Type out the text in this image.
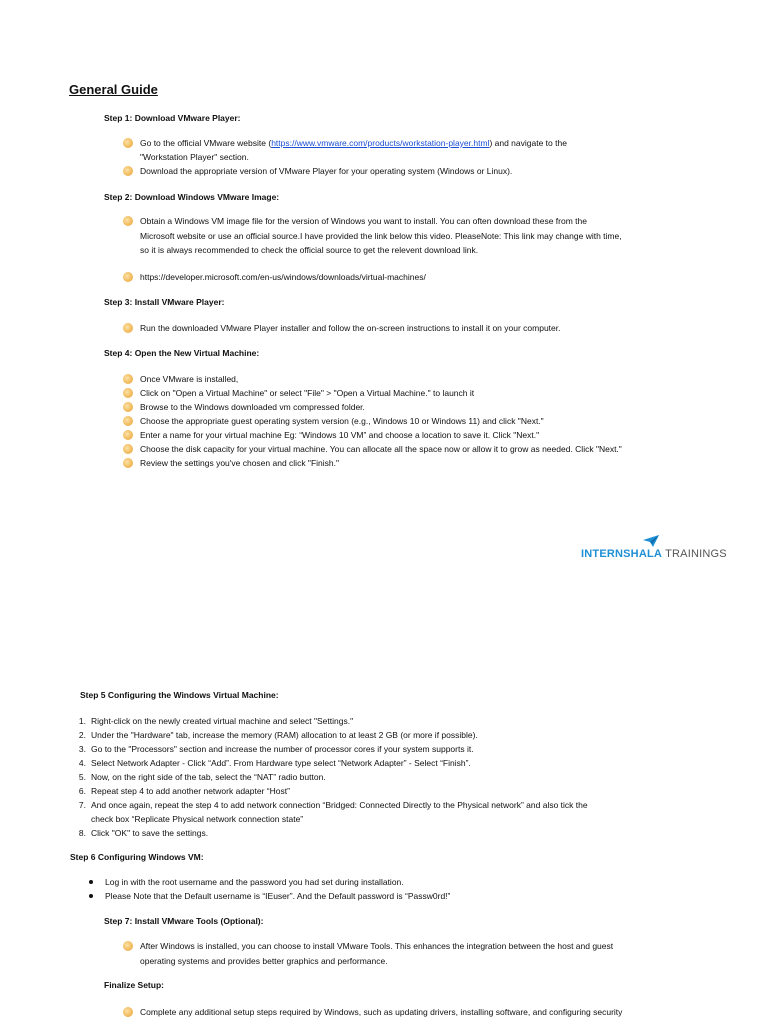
General Guide
Step 1: Download VMware Player:
Go to the official VMware website (https://www.vmware.com/products/workstation-player.html) and navigate to the
"Workstation Player" section.
Download the appropriate version of VMware Player for your operating system (Windows or Linux).
Step 2: Download Windows VMware Image:
Obtain a Windows VM image file for the version of Windows you want to install. You can often download these from the
Microsoft website or use an official source.I have provided the link below this video. PleaseNote: This link may change with time,
so it is always recommended to check the official source to get the relevent download link.
https://developer.microsoft.com/en-us/windows/downloads/virtual-machines/
Step 3: Install VMware Player:
Run the downloaded VMware Player installer and follow the on-screen instructions to install it on your computer.
Step 4: Open the New Virtual Machine:
Once VMware is installed,
Click on "Open a Virtual Machine" or select "File" > "Open a Virtual Machine." to launch it
Browse to the Windows downloaded vm compressed folder.
Choose the appropriate guest operating system version (e.g., Windows 10 or Windows 11) and click "Next."
Enter a name for your virtual machine Eg: “Windows 10 VM” and choose a location to save it. Click "Next."
Choose the disk capacity for your virtual machine. You can allocate all the space now or allow it to grow as needed. Click "Next."
Review the settings you've chosen and click "Finish."
INTERNSHALA TRAININGS
Step 5 Configuring the Windows Virtual Machine:
1. Right-click on the newly created virtual machine and select "Settings."
2. Under the "Hardware" tab, increase the memory (RAM) allocation to at least 2 GB (or more if possible).
3. Go to the "Processors" section and increase the number of processor cores if your system supports it.
4. Select Network Adapter - Click “Add”. From Hardware type select “Network Adapter” - Select “Finish”.
5. Now, on the right side of the tab, select the “NAT” radio button.
6. Repeat step 4 to add another network adapter “Host”
7. And once again, repeat the step 4 to add network connection “Bridged: Connected Directly to the Physical network” and also tick the
check box “Replicate Physical network connection state”
8. Click "OK" to save the settings.
Step 6 Configuring Windows VM:
Log in with the root username and the password you had set during installation.
Please Note that the Default username is “IEuser”. And the Default password is “Passw0rd!”
Step 7: Install VMware Tools (Optional):
After Windows is installed, you can choose to install VMware Tools. This enhances the integration between the host and guest
operating systems and provides better graphics and performance.
Finalize Setup:
Complete any additional setup steps required by Windows, such as updating drivers, installing software, and configuring security
